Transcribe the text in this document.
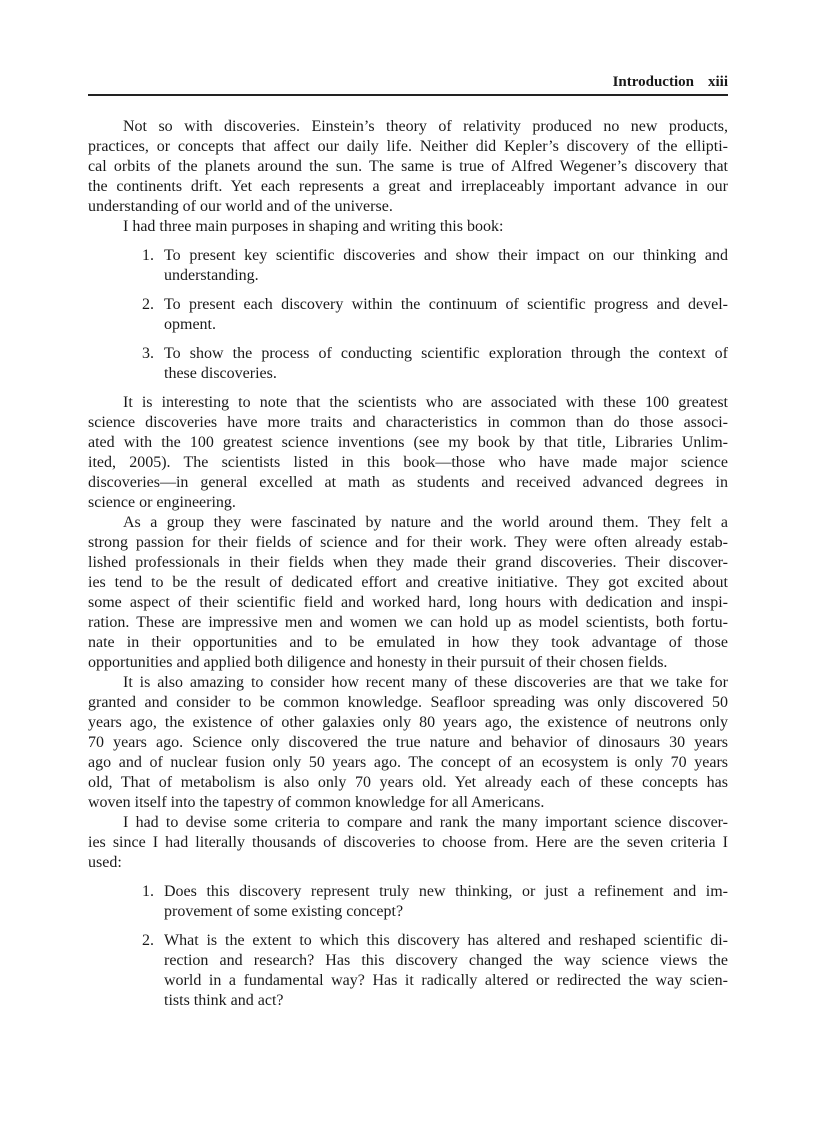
Introduction xiii
Not so with discoveries. Einstein’s theory of relativity produced no new products,
practices, or concepts that affect our daily life. Neither did Kepler’s discovery of the ellipti-
cal orbits of the planets around the sun. The same is true of Alfred Wegener’s discovery that
the continents drift. Yet each represents a great and irreplaceably important advance in our
understanding of our world and of the universe.
I had three main purposes in shaping and writing this book:
1. To present key scientific discoveries and show their impact on our thinking and
understanding.
2. To present each discovery within the continuum of scientific progress and devel-
opment.
3. To show the process of conducting scientific exploration through the context of
these discoveries.
It is interesting to note that the scientists who are associated with these 100 greatest
science discoveries have more traits and characteristics in common than do those associ-
ated with the 100 greatest science inventions (see my book by that title, Libraries Unlim-
ited, 2005). The scientists listed in this book—those who have made major science
discoveries—in general excelled at math as students and received advanced degrees in
science or engineering.
As a group they were fascinated by nature and the world around them. They felt a
strong passion for their fields of science and for their work. They were often already estab-
lished professionals in their fields when they made their grand discoveries. Their discover-
ies tend to be the result of dedicated effort and creative initiative. They got excited about
some aspect of their scientific field and worked hard, long hours with dedication and inspi-
ration. These are impressive men and women we can hold up as model scientists, both fortu-
nate in their opportunities and to be emulated in how they took advantage of those
opportunities and applied both diligence and honesty in their pursuit of their chosen fields.
It is also amazing to consider how recent many of these discoveries are that we take for
granted and consider to be common knowledge. Seafloor spreading was only discovered 50
years ago, the existence of other galaxies only 80 years ago, the existence of neutrons only
70 years ago. Science only discovered the true nature and behavior of dinosaurs 30 years
ago and of nuclear fusion only 50 years ago. The concept of an ecosystem is only 70 years
old, That of metabolism is also only 70 years old. Yet already each of these concepts has
woven itself into the tapestry of common knowledge for all Americans.
I had to devise some criteria to compare and rank the many important science discover-
ies since I had literally thousands of discoveries to choose from. Here are the seven criteria I
used:
1. Does this discovery represent truly new thinking, or just a refinement and im-
provement of some existing concept?
2. What is the extent to which this discovery has altered and reshaped scientific di-
rection and research? Has this discovery changed the way science views the
world in a fundamental way? Has it radically altered or redirected the way scien-
tists think and act?
